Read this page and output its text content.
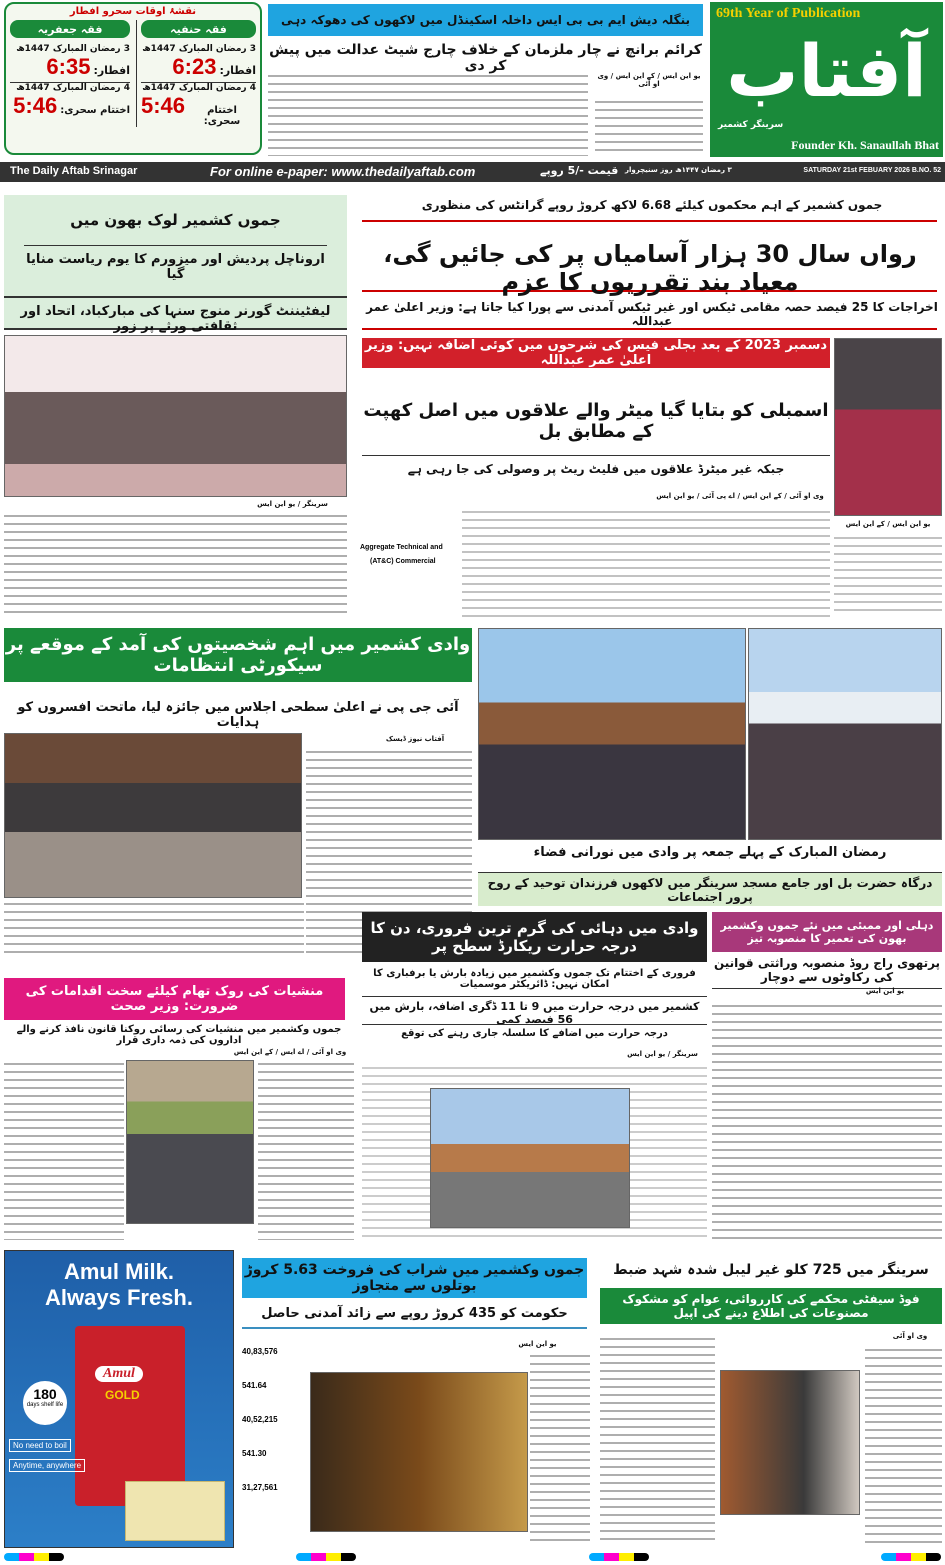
نقشۂ اوقات سحرو افطار
فقہ جعفریہ
3 رمضان المبارک 1447ھ
افطار:
6:35
4 رمضان المبارک 1447ھ
اختتام سحری:
5:46
فقہ حنفیہ
3 رمضان المبارک 1447ھ
افطار:
6:23
4 رمضان المبارک 1447ھ
اختتام سحری:
5:46
بنگلہ دیش ایم بی بی ایس داخلہ اسکینڈل میں لاکھوں کی دھوکہ دہی
کرائم برانچ نے چار ملزمان کے خلاف چارج شیٹ عدالت میں پیش کر دی
یو این ایس / کے این ایس / وی او آئی
69th Year of Publication
آفتاب
سرینگر کشمیر
Founder Kh. Sanaullah Bhat
The Daily Aftab Srinagar	For online e-paper: www.thedailyaftab.com	قیمت -/5 روپے ۳ رمضان ۱۴۴۷ھ روز سنیچروار	SATURDAY 21st FEBUARY 2026 B.NO. 52
جموں کشمیر لوک بھون میں
اروناچل پردیش اور میزورم کا یوم ریاست منایا گیا
لیفٹیننٹ گورنر منوج سنہا کی مبارکباد، اتحاد اور ثقافتی ورثے پر زور
سرینگر / یو این ایس
جموں کشمیر کے اہم محکموں کیلئے 6.68 لاکھ کروڑ روپے گرانٹس کی منظوری
رواں سال 30 ہزار آسامیاں پر کی جائیں گی، معیاد بند تقرریوں کا عزم
اخراجات کا 25 فیصد حصہ مقامی ٹیکس اور غیر ٹیکس آمدنی سے پورا کیا جاتا ہے: وزیر اعلیٰ عمر عبداللہ
دسمبر 2023 کے بعد بجلی فیس کی شرحوں میں کوئی اضافہ نہیں: وزیر اعلیٰ عمر عبداللہ
یو این ایس / کے این ایس
اسمبلی کو بتایا گیا میٹر والے علاقوں میں اصل کھپت کے مطابق بل
جبکہ غیر میٹرڈ علاقوں میں فلیٹ ریٹ پر وصولی کی جا رہی ہے
وی او آئی / کے این ایس / اے پی آئی / یو این ایس
Aggregate Technical and
(AT&C) Commercial
وادی کشمیر میں اہم شخصیتوں کی آمد کے موقعے پر سیکورٹی انتظامات
آئی جی پی نے اعلیٰ سطحی اجلاس میں جائزہ لیا، ماتحت افسروں کو ہدایات
آفتاب نیوز ڈیسک
رمضان المبارک کے پہلے جمعہ پر وادی میں نورانی فضاء
درگاہ حضرت بل اور جامع مسجد سرینگر میں لاکھوں فرزندان توحید کے روح پرور اجتماعات
وادی میں دہائی کی گرم ترین فروری، دن کا درجہ حرارت ریکارڈ سطح پر
فروری کے اختتام تک جموں وکشمیر میں زیادہ بارش یا برفباری کا امکان نہیں: ڈائریکٹر موسمیات
کشمیر میں درجہ حرارت میں 9 تا 11 ڈگری اضافہ، بارش میں 56 فیصد کمی
درجہ حرارت میں اضافے کا سلسلہ جاری رہنے کی توقع
سرینگر / یو این ایس
دہلی اور ممبئی میں نئے جموں وکشمیر بھون کی تعمیر کا منصوبہ تیز
پرتھوی راج روڈ منصوبہ وراثتی قوانین کی رکاوٹوں سے دوچار
یو این ایس
منشیات کی روک تھام کیلئے سخت اقدامات کی ضرورت: وزیر صحت
جموں وکشمیر میں منشیات کی رسائی روکنا قانون نافذ کرنے والے اداروں کی ذمہ داری قرار
وی او آئی / اے ایس / کے این ایس
Amul Milk.
Always Fresh.
Amul
GOLD
180
days shelf life
No need to boil
Anytime, anywhere
جموں وکشمیر میں شراب کی فروخت 5.63 کروڑ بوتلوں سے متجاوز
حکومت کو 435 کروڑ روپے سے زائد آمدنی حاصل
یو این ایس
40,83,576
541.64
40,52,215
541.30
31,27,561
سرینگر میں 725 کلو غیر لیبل شدہ شہد ضبط
فوڈ سیفٹی محکمے کی کارروائی، عوام کو مشکوک مصنوعات کی اطلاع دینے کی اپیل
وی او آئی
